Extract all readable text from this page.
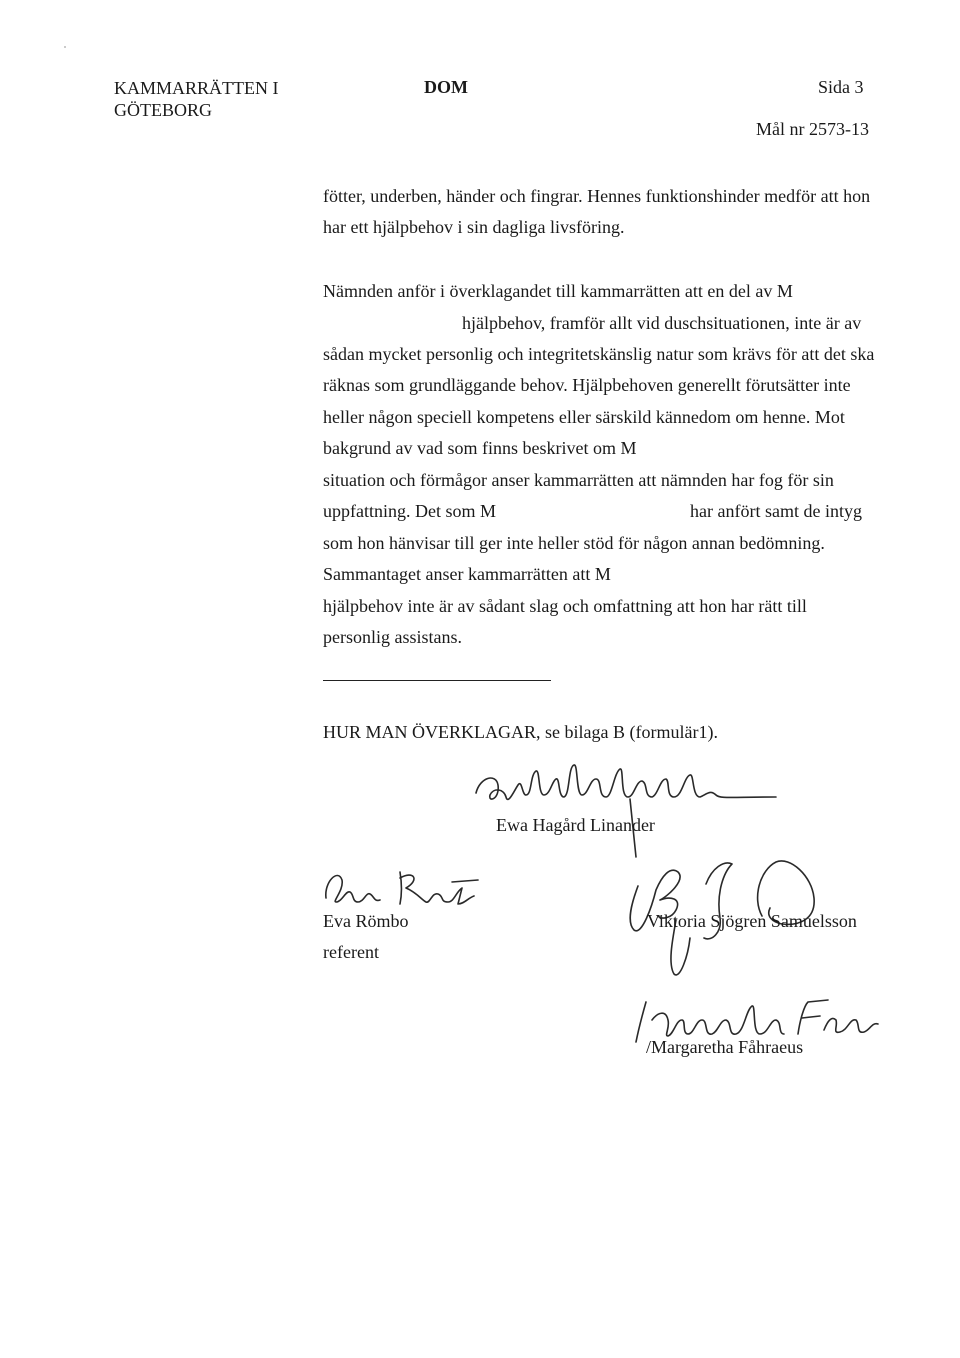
KAMMARRÄTTEN I
GÖTEBORG
DOM	Sida 3
Mål nr 2573-13
fötter, underben, händer och fingrar. Hennes funktionshinder medför att hon
har ett hjälpbehov i sin dagliga livsföring.
Nämnden anför i överklagandet till kammarrätten att en del av M
hjälpbehov, framför allt vid duschsituationen, inte är av
sådan mycket personlig och integritetskänslig natur som krävs för att det ska
räknas som grundläggande behov. Hjälpbehoven generellt förutsätter inte
heller någon speciell kompetens eller särskild kännedom om henne. Mot
bakgrund av vad som finns beskrivet om M
situation och förmågor anser kammarrätten att nämnden har fog för sin
uppfattning. Det som M	har anfört samt de intyg
som hon hänvisar till ger inte heller stöd för någon annan bedömning.
Sammantaget anser kammarrätten att M
hjälpbehov inte är av sådant slag och omfattning att hon har rätt till
personlig assistans.
HUR MAN ÖVERKLAGAR, se bilaga B (formulär1).
Ewa Hagård Linander
Eva Römbo
referent
Viktoria Sjögren Samuelsson
/Margaretha Fåhraeus
